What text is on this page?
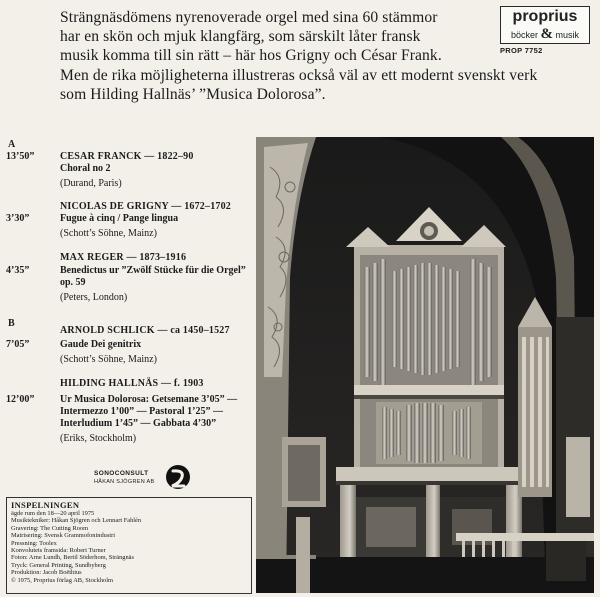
Strängnäsdömens nyrenoverade orgel med sina 60 stämmor
har en skön och mjuk klangfärg, som särskilt låter fransk
musik komma till sin rätt – här hos Grigny och César Frank.
Men de rika möjligheterna illustreras också väl av ett modernt svenskt verk
som Hilding Hallnäs’ ”Musica Dolorosa”.
proprius
böcker & musik
PROP 7752
A
13’50”	CESAR FRANCK — 1822–90
Choral no 2
(Durand, Paris)
NICOLAS DE GRIGNY — 1672–1702
3’30”	Fugue à cinq / Pange lingua
(Schott’s Söhne, Mainz)
MAX REGER — 1873–1916
4’35”	Benedictus ur ”Zwölf Stücke für die Orgel”
op. 59
(Peters, London)
B
ARNOLD SCHLICK — ca 1450–1527
7’05”	Gaude Dei genitrix
(Schott’s Söhne, Mainz)
HILDING HALLNÄS — f. 1903
12’00”	Ur Musica Dolorosa: Getsemane 3’05” —
Intermezzo 1’00” — Pastoral 1’25” —
Interludium 1’45” — Gabbata 4’30”
(Eriks, Stockholm)
SONOCONSULT
HÅKAN SJÖGREN AB
INSPELNINGEN
ägde rum den 18—20 april 1975
Musiktekniker: Håkan Sjögren och Lennart Fahlén
Gravering: The Cutting Room
Matrisering: Svensk Grammofonindustri
Pressning: Toolex
Konvolutets framsida: Robert Turner
Foton: Arne Lundh, Bertil Söderhom, Strängnäs
Tryck: General Printing, Sundbyberg
Produktion: Jacob Boëthius
© 1975, Proprius förlag AB, Stockholm
